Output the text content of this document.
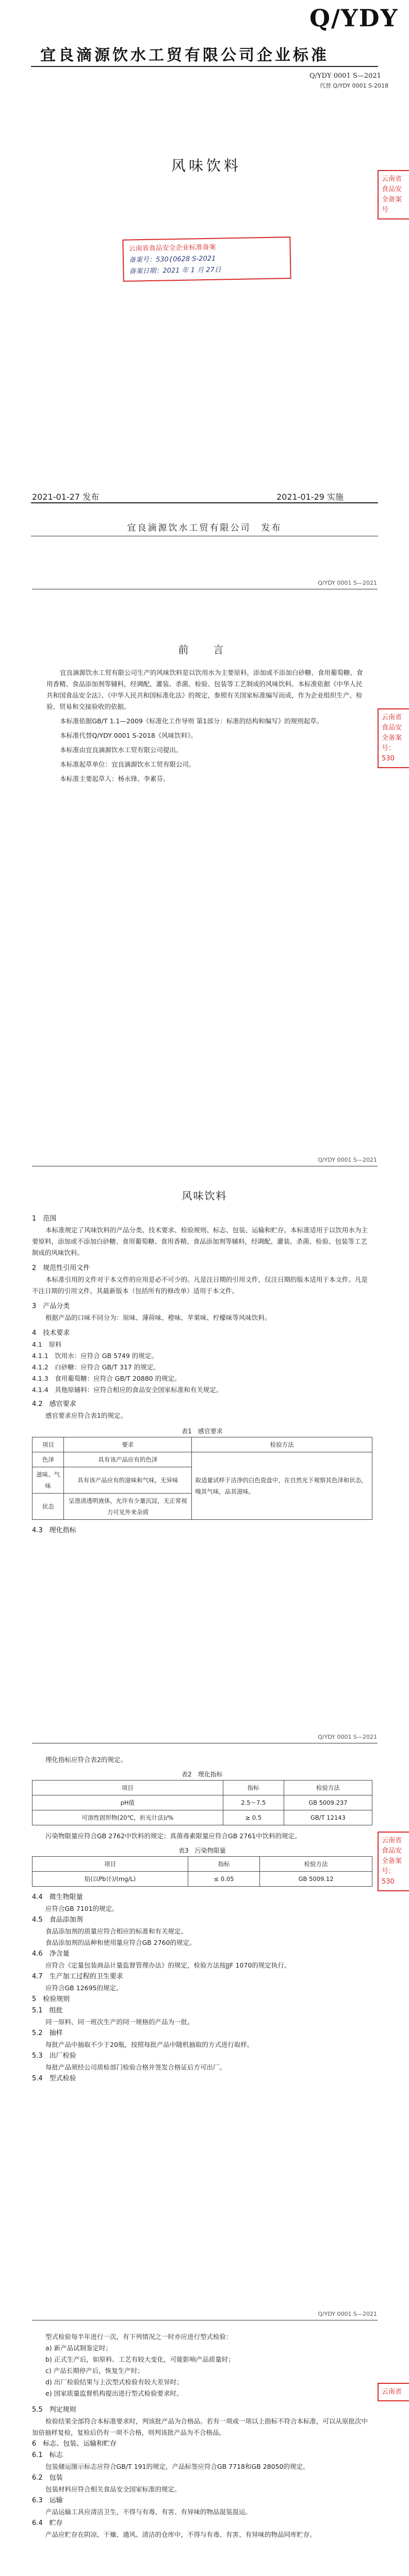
Q/YDY
宜良滴源饮水工贸有限公司企业标准
Q/YDY 0001 S—2021
代替 Q/YDY 0001 S-2018
风味饮料
云南省食品安全企业标准备案
备案号：530{0628 S-2021
备案日期：2021 年 1 月 27日
云南省食品安全备案号
2021-01-27 发布	2021-01-29 实施
宜良滴源饮水工贸有限公司　发布
Q/YDY 0001 S—2021
前　言

宜良滴源饮水工贸有限公司生产的风味饮料是以饮用水为主要原料，添加或不添加白砂糖、食用葡萄糖、食用香精、食品添加剂等辅料，经调配、灌装、杀菌、检验、包装等工艺制成的风味饮料。本标准依据《中华人民共和国食品安全法》、《中华人民共和国标准化法》的规定，参照有关国家标准编写而成，作为企业组织生产、检验、贸易和交接验收的依据。

本标准依据GB/T 1.1—2009《标准化工作导则 第1部分：标准的结构和编写》的规则起草。

本标准代替Q/YDY 0001 S-2018《风味饮料》。

本标准由宜良滴源饮水工贸有限公司提出。

本标准起草单位：宜良滴源饮水工贸有限公司。

本标准主要起草人：杨永锋、李素芬。

云南省食品安全备案号：530
Q/YDY 0001 S—2021
风味饮料
1　范围

本标准规定了风味饮料的产品分类、技术要求、检验规则、标志、包装、运输和贮存。本标准适用于以饮用水为主要原料，添加或不添加白砂糖、食用葡萄糖、食用香精、食品添加剂等辅料，经调配、灌装、杀菌、检验、包装等工艺制成的风味饮料。

2　规范性引用文件

本标准引用的文件对于本文件的应用是必不可少的。凡是注日期的引用文件，仅注日期的版本适用于本文件。凡是不注日期的引用文件，其最新版本（包括所有的修改单）适用于本文件。

3　产品分类

根据产品的口味不同分为：原味、薄荷味、橙味、苹果味、柠檬味等风味饮料。

4　技术要求
4.1　原料
4.1.1　饮用水：应符合 GB 5749 的规定。
4.1.2　白砂糖：应符合 GB/T 317 的规定。
4.1.3　食用葡萄糖：应符合 GB/T 20880 的规定。
4.1.4　其他原辅料：应符合相应的食品安全国家标准和有关规定。
4.2　感官要求

感官要求应符合表1的规定。

表1　感官要求
项目	要求	检验方法
色泽	具有该产品应有的色泽	取适量试样于洁净的白色瓷盘中，在自然光下观察其色泽和状态，嗅其气味，品其滋味。
滋味、气味	具有该产品应有的滋味和气味，无异味	
状态	呈澄清透明液体，允许有少量沉淀，无正常视力可见外来杂质	
4.3　理化指标
Q/YDY 0001 S—2021

理化指标应符合表2的规定。

表2　理化指标
项目	指标	检验方法
pH值	2.5～7.5	GB 5009.237
可溶性固形物(20℃，折光计法)/%	≥ 0.5	GB/T 12143

污染物限量应符合GB 2762中饮料的规定；真菌毒素限量应符合GB 2761中饮料的规定。

表3　污染物限量
项目	指标	检验方法
铅(以Pb计)/(mg/L)	≤ 0.05	GB 5009.12
4.4　微生物限量
应符合GB 7101的规定。
4.5　食品添加剂
食品添加剂的质量应符合相应的标准和有关规定。
食品添加剂的品种和使用量应符合GB 2760的规定。
4.6　净含量
应符合《定量包装商品计量监督管理办法》的规定，检验方法按JJF 1070的规定执行。
4.7　生产加工过程的卫生要求
应符合GB 12695的规定。
5　检验规则
5.1　组批
同一原料、同一班次生产的同一规格的产品为一批。
5.2　抽样
每批产品中抽取不少于20瓶，按照每批产品中随机抽取的方式进行取样。
5.3　出厂检验
每批产品须经公司质检部门检验合格并签发合格证后方可出厂。
5.4　型式检验
云南省食品安全备案号：530
Q/YDY 0001 S—2021

型式检验每半年进行一次，有下列情况之一时亦应进行型式检验：

a) 新产品试制鉴定时；
b) 正式生产后，如原料、工艺有较大变化，可能影响产品质量时；
c) 产品长期停产后，恢复生产时；
d) 出厂检验结果与上次型式检验有较大差异时；
e) 国家质量监督机构提出进行型式检验要求时。
5.5　判定规则
检验结果全部符合本标准要求时，判该批产品为合格品。若有一项或一项以上指标不符合本标准，可以从原批次中加倍抽样复检，复检后仍有一项不合格，则判该批产品为不合格品。
6　标志、包装、运输和贮存
6.1　标志
包装储运图示标志应符合GB/T 191的规定，产品标签应符合GB 7718和GB 28050的规定。
6.2　包装
包装材料应符合相关食品安全国家标准的规定。
6.3　运输
产品运输工具应清洁卫生，不得与有毒、有害、有异味的物品混装混运。
6.4　贮存
产品应贮存在阴凉、干燥、通风、清洁的仓库中，不得与有毒、有害、有异味的物品同库贮存。
云南省
